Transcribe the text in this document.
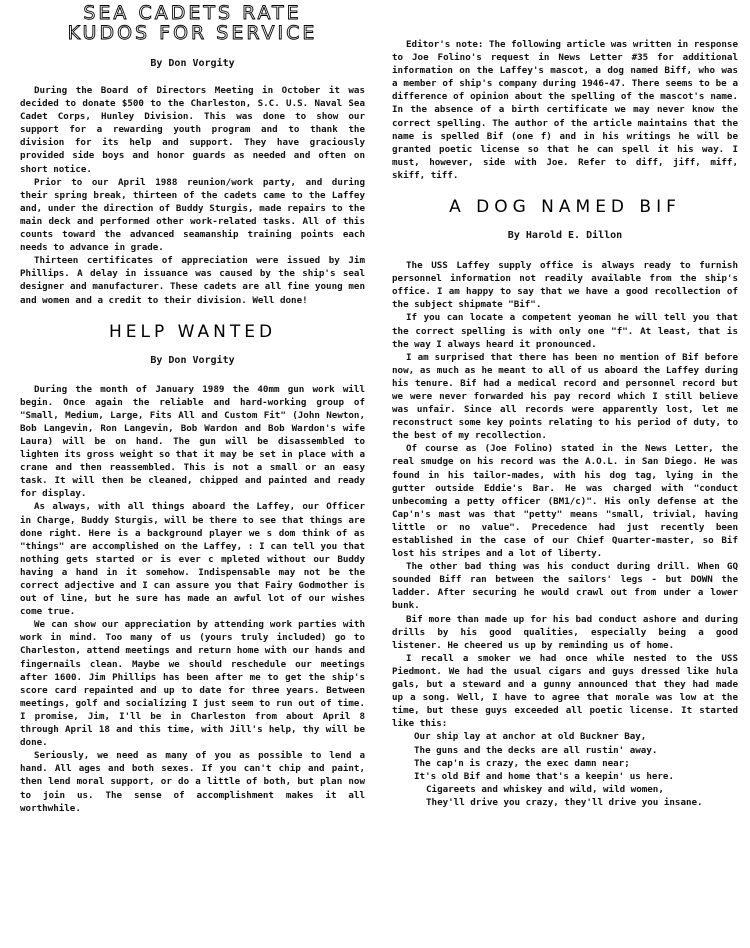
SEA CADETS RATE
KUDOS FOR SERVICE

By Don Vorgity

During the Board of Directors Meeting in October it was decided to donate $500 to the Charleston, S.C. U.S. Naval Sea Cadet Corps, Hunley Division. This was done to show our support for a rewarding youth program and to thank the division for its help and support. They have graciously provided side boys and honor guards as needed and often on short notice.

Prior to our April 1988 reunion/work party, and during their spring break, thirteen of the cadets came to the Laffey and, under the direction of Buddy Sturgis, made repairs to the main deck and performed other work-related tasks. All of this counts toward the advanced seamanship training points each needs to advance in grade.

Thirteen certificates of appreciation were issued by Jim Phillips. A delay in issuance was caused by the ship's seal designer and manufacturer. These cadets are all fine young men and women and a credit to their division. Well done!

HELP WANTED

By Don Vorgity

During the month of January 1989 the 40mm gun work will begin. Once again the reliable and hard-working group of "Small, Medium, Large, Fits All and Custom Fit" (John Newton, Bob Langevin, Ron Langevin, Bob Wardon and Bob Wardon's wife Laura) will be on hand. The gun will be disassembled to lighten its gross weight so that it may be set in place with a crane and then reassembled. This is not a small or an easy task. It will then be cleaned, chipped and painted and ready for display.

As always, with all things aboard the Laffey, our Officer in Charge, Buddy Sturgis, will be there to see that things are done right. Here is a background player we s dom think of as "things" are accomplished on the Laffey, : I can tell you that nothing gets started or is ever c mpleted without our Buddy having a hand in it somehow. Indispensable may not be the correct adjective and I can assure you that Fairy Godmother is out of line, but he sure has made an awful lot of our wishes come true.

We can show our appreciation by attending work parties with work in mind. Too many of us (yours truly included) go to Charleston, attend meetings and return home with our hands and fingernails clean. Maybe we should reschedule our meetings after 1600. Jim Phillips has been after me to get the ship's score card repainted and up to date for three years. Between meetings, golf and socializing I just seem to run out of time. I promise, Jim, I'll be in Charleston from about April 8 through April 18 and this time, with Jill's help, thy will be done.

Seriously, we need as many of you as possible to lend a hand. All ages and both sexes. If you can't chip and paint, then lend moral support, or do a little of both, but plan now to join us. The sense of accomplishment makes it all worthwhile.

Editor's note: The following article was written in response to Joe Folino's request in News Letter #35 for additional information on the Laffey's mascot, a dog named Biff, who was a member of ship's company during 1946-47. There seems to be a difference of opinion about the spelling of the mascot's name. In the absence of a birth certificate we may never know the correct spelling. The author of the article maintains that the name is spelled Bif (one f) and in his writings he will be granted poetic license so that he can spell it his way. I must, however, side with Joe. Refer to diff, jiff, miff, skiff, tiff.

A DOG NAMED BIF

By Harold E. Dillon

The USS Laffey supply office is always ready to furnish personnel information not readily available from the ship's office. I am happy to say that we have a good recollection of the subject shipmate "Bif".

If you can locate a competent yeoman he will tell you that the correct spelling is with only one "f". At least, that is the way I always heard it pronounced.

I am surprised that there has been no mention of Bif before now, as much as he meant to all of us aboard the Laffey during his tenure. Bif had a medical record and personnel record but we were never forwarded his pay record which I still believe was unfair. Since all records were apparently lost, let me reconstruct some key points relating to his period of duty, to the best of my recollection.

Of course as (Joe Folino) stated in the News Letter, the real smudge on his record was the A.O.L. in San Diego. He was found in his tailor-mades, with his dog tag, lying in the gutter outside Eddie's Bar. He was charged with "conduct unbecoming a petty officer (BM1/c)". His only defense at the Cap'n's mast was that "petty" means "small, trivial, having little or no value". Precedence had just recently been established in the case of our Chief Quarter-master, so Bif lost his stripes and a lot of liberty.

The other bad thing was his conduct during drill. When GQ sounded Biff ran between the sailors' legs - but DOWN the ladder. After securing he would crawl out from under a lower bunk.

Bif more than made up for his bad conduct ashore and during drills by his good qualities, especially being a good listener. He cheered us up by reminding us of home.

I recall a smoker we had once while nested to the USS Piedmont. We had the usual cigars and guys dressed like hula gals, but a steward and a gunny announced that they had made up a song. Well, I have to agree that morale was low at the time, but these guys exceeded all poetic license. It started like this:

Our ship lay at anchor at old Buckner Bay,

The guns and the decks are all rustin' away.

The cap'n is crazy, the exec damn near;

It's old Bif and home that's a keepin' us here.

Cigareets and whiskey and wild, wild women,

They'll drive you crazy, they'll drive you insane.
